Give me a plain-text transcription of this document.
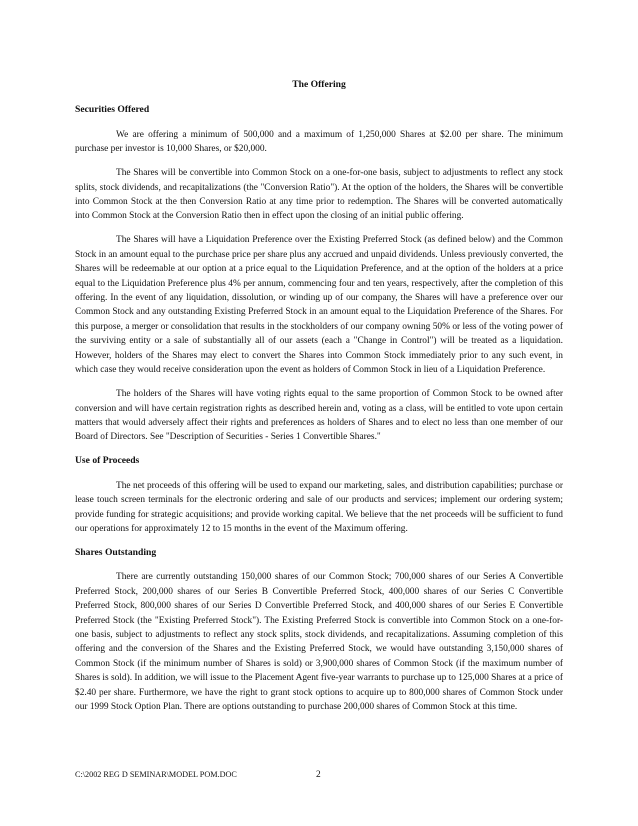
The Offering
Securities Offered

We are offering a minimum of 500,000 and a maximum of 1,250,000 Shares at $2.00 per share. The minimum purchase per investor is 10,000 Shares, or $20,000.

The Shares will be convertible into Common Stock on a one-for-one basis, subject to adjustments to reflect any stock splits, stock dividends, and recapitalizations (the "Conversion Ratio"). At the option of the holders, the Shares will be convertible into Common Stock at the then Conversion Ratio at any time prior to redemption. The Shares will be converted automatically into Common Stock at the Conversion Ratio then in effect upon the closing of an initial public offering.

The Shares will have a Liquidation Preference over the Existing Preferred Stock (as defined below) and the Common Stock in an amount equal to the purchase price per share plus any accrued and unpaid dividends. Unless previously converted, the Shares will be redeemable at our option at a price equal to the Liquidation Preference, and at the option of the holders at a price equal to the Liquidation Preference plus 4% per annum, commencing four and ten years, respectively, after the completion of this offering. In the event of any liquidation, dissolution, or winding up of our company, the Shares will have a preference over our Common Stock and any outstanding Existing Preferred Stock in an amount equal to the Liquidation Preference of the Shares. For this purpose, a merger or consolidation that results in the stockholders of our company owning 50% or less of the voting power of the surviving entity or a sale of substantially all of our assets (each a "Change in Control") will be treated as a liquidation. However, holders of the Shares may elect to convert the Shares into Common Stock immediately prior to any such event, in which case they would receive consideration upon the event as holders of Common Stock in lieu of a Liquidation Preference.

The holders of the Shares will have voting rights equal to the same proportion of Common Stock to be owned after conversion and will have certain registration rights as described herein and, voting as a class, will be entitled to vote upon certain matters that would adversely affect their rights and preferences as holders of Shares and to elect no less than one member of our Board of Directors. See "Description of Securities - Series 1 Convertible Shares."

Use of Proceeds

The net proceeds of this offering will be used to expand our marketing, sales, and distribution capabilities; purchase or lease touch screen terminals for the electronic ordering and sale of our products and services; implement our ordering system; provide funding for strategic acquisitions; and provide working capital. We believe that the net proceeds will be sufficient to fund our operations for approximately 12 to 15 months in the event of the Maximum offering.

Shares Outstanding

There are currently outstanding 150,000 shares of our Common Stock; 700,000 shares of our Series A Convertible Preferred Stock, 200,000 shares of our Series B Convertible Preferred Stock, 400,000 shares of our Series C Convertible Preferred Stock, 800,000 shares of our Series D Convertible Preferred Stock, and 400,000 shares of our Series E Convertible Preferred Stock (the "Existing Preferred Stock"). The Existing Preferred Stock is convertible into Common Stock on a one-for-one basis, subject to adjustments to reflect any stock splits, stock dividends, and recapitalizations. Assuming completion of this offering and the conversion of the Shares and the Existing Preferred Stock, we would have outstanding 3,150,000 shares of Common Stock (if the minimum number of Shares is sold) or 3,900,000 shares of Common Stock (if the maximum number of Shares is sold). In addition, we will issue to the Placement Agent five-year warrants to purchase up to 125,000 Shares at a price of $2.40 per share. Furthermore, we have the right to grant stock options to acquire up to 800,000 shares of Common Stock under our 1999 Stock Option Plan. There are options outstanding to purchase 200,000 shares of Common Stock at this time.

C:\2002 REG D SEMINAR\MODEL POM.DOC	2
